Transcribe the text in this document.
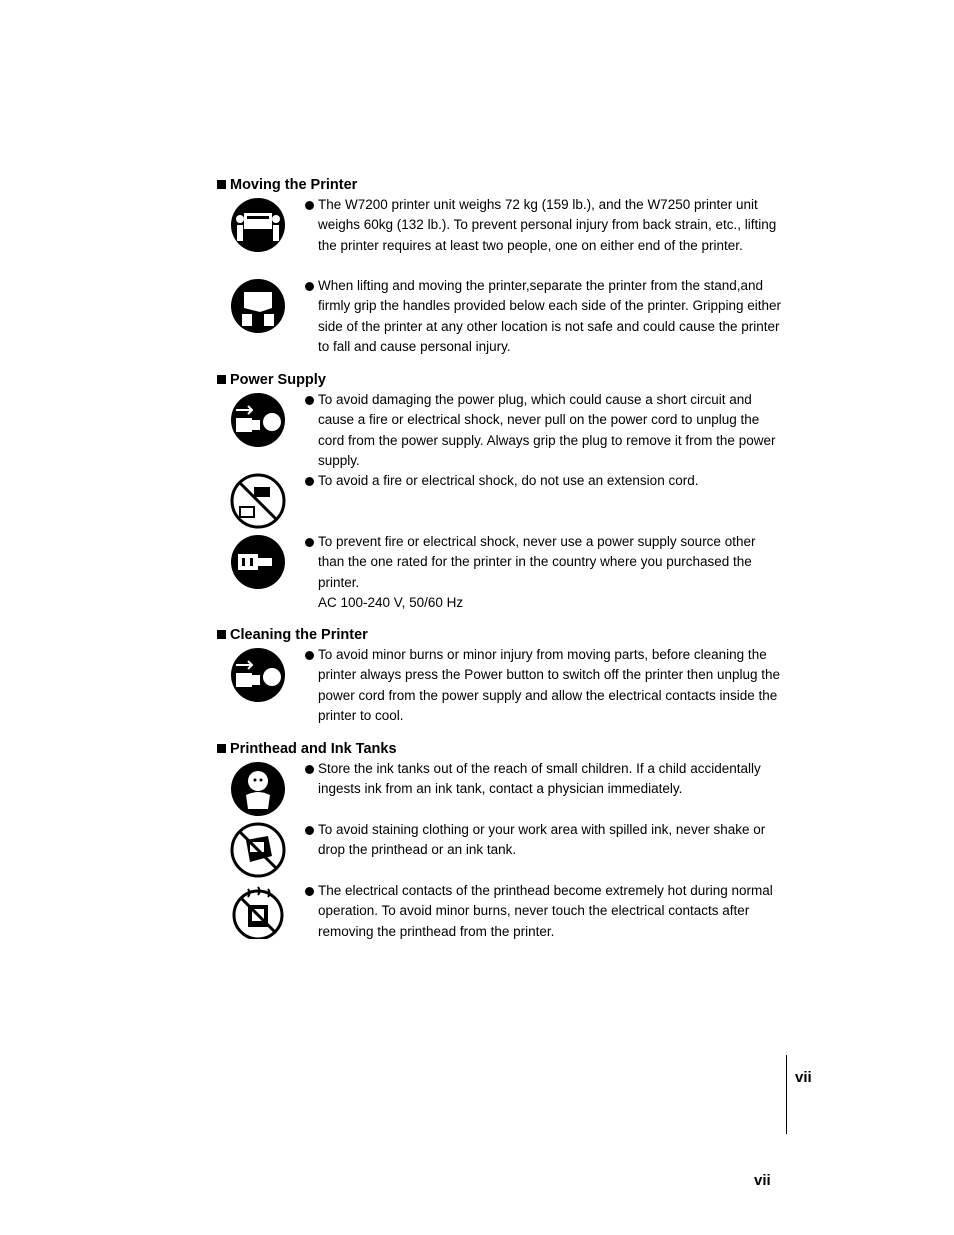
Moving the Printer
The W7200 printer unit weighs 72 kg (159 lb.), and the W7250 printer unit weighs 60kg (132 lb.). To prevent personal injury from back strain, etc., lifting the printer requires at least two people, one on either end of the printer.
When lifting and moving the printer,separate the printer from the stand,and firmly grip the handles provided below each side of the printer. Gripping either side of the printer at any other location is not safe and could cause the printer to fall and cause personal injury.
Power Supply
To avoid damaging the power plug, which could cause a short circuit and cause a fire or electrical shock, never pull on the power cord to unplug the cord from the power supply. Always grip the plug to remove it from the power supply.
To avoid a fire or electrical shock, do not use an extension cord.
To prevent fire or electrical shock, never use a power supply source other than the one rated for the printer in the country where you purchased the printer.
AC 100-240 V, 50/60 Hz
Cleaning the Printer
To avoid minor burns or minor injury from moving parts, before cleaning the printer always press the Power button to switch off the printer then unplug the power cord from the power supply and allow the electrical contacts inside the printer to cool.
Printhead and Ink Tanks
Store the ink tanks out of the reach of small children. If a child accidentally ingests ink from an ink tank, contact a physician immediately.
To avoid staining clothing or your work area with spilled ink, never shake or drop the printhead or an ink tank.
The electrical contacts of the printhead become extremely hot during normal operation. To avoid minor burns, never touch the electrical contacts after removing the printhead from the printer.
vii
vii
